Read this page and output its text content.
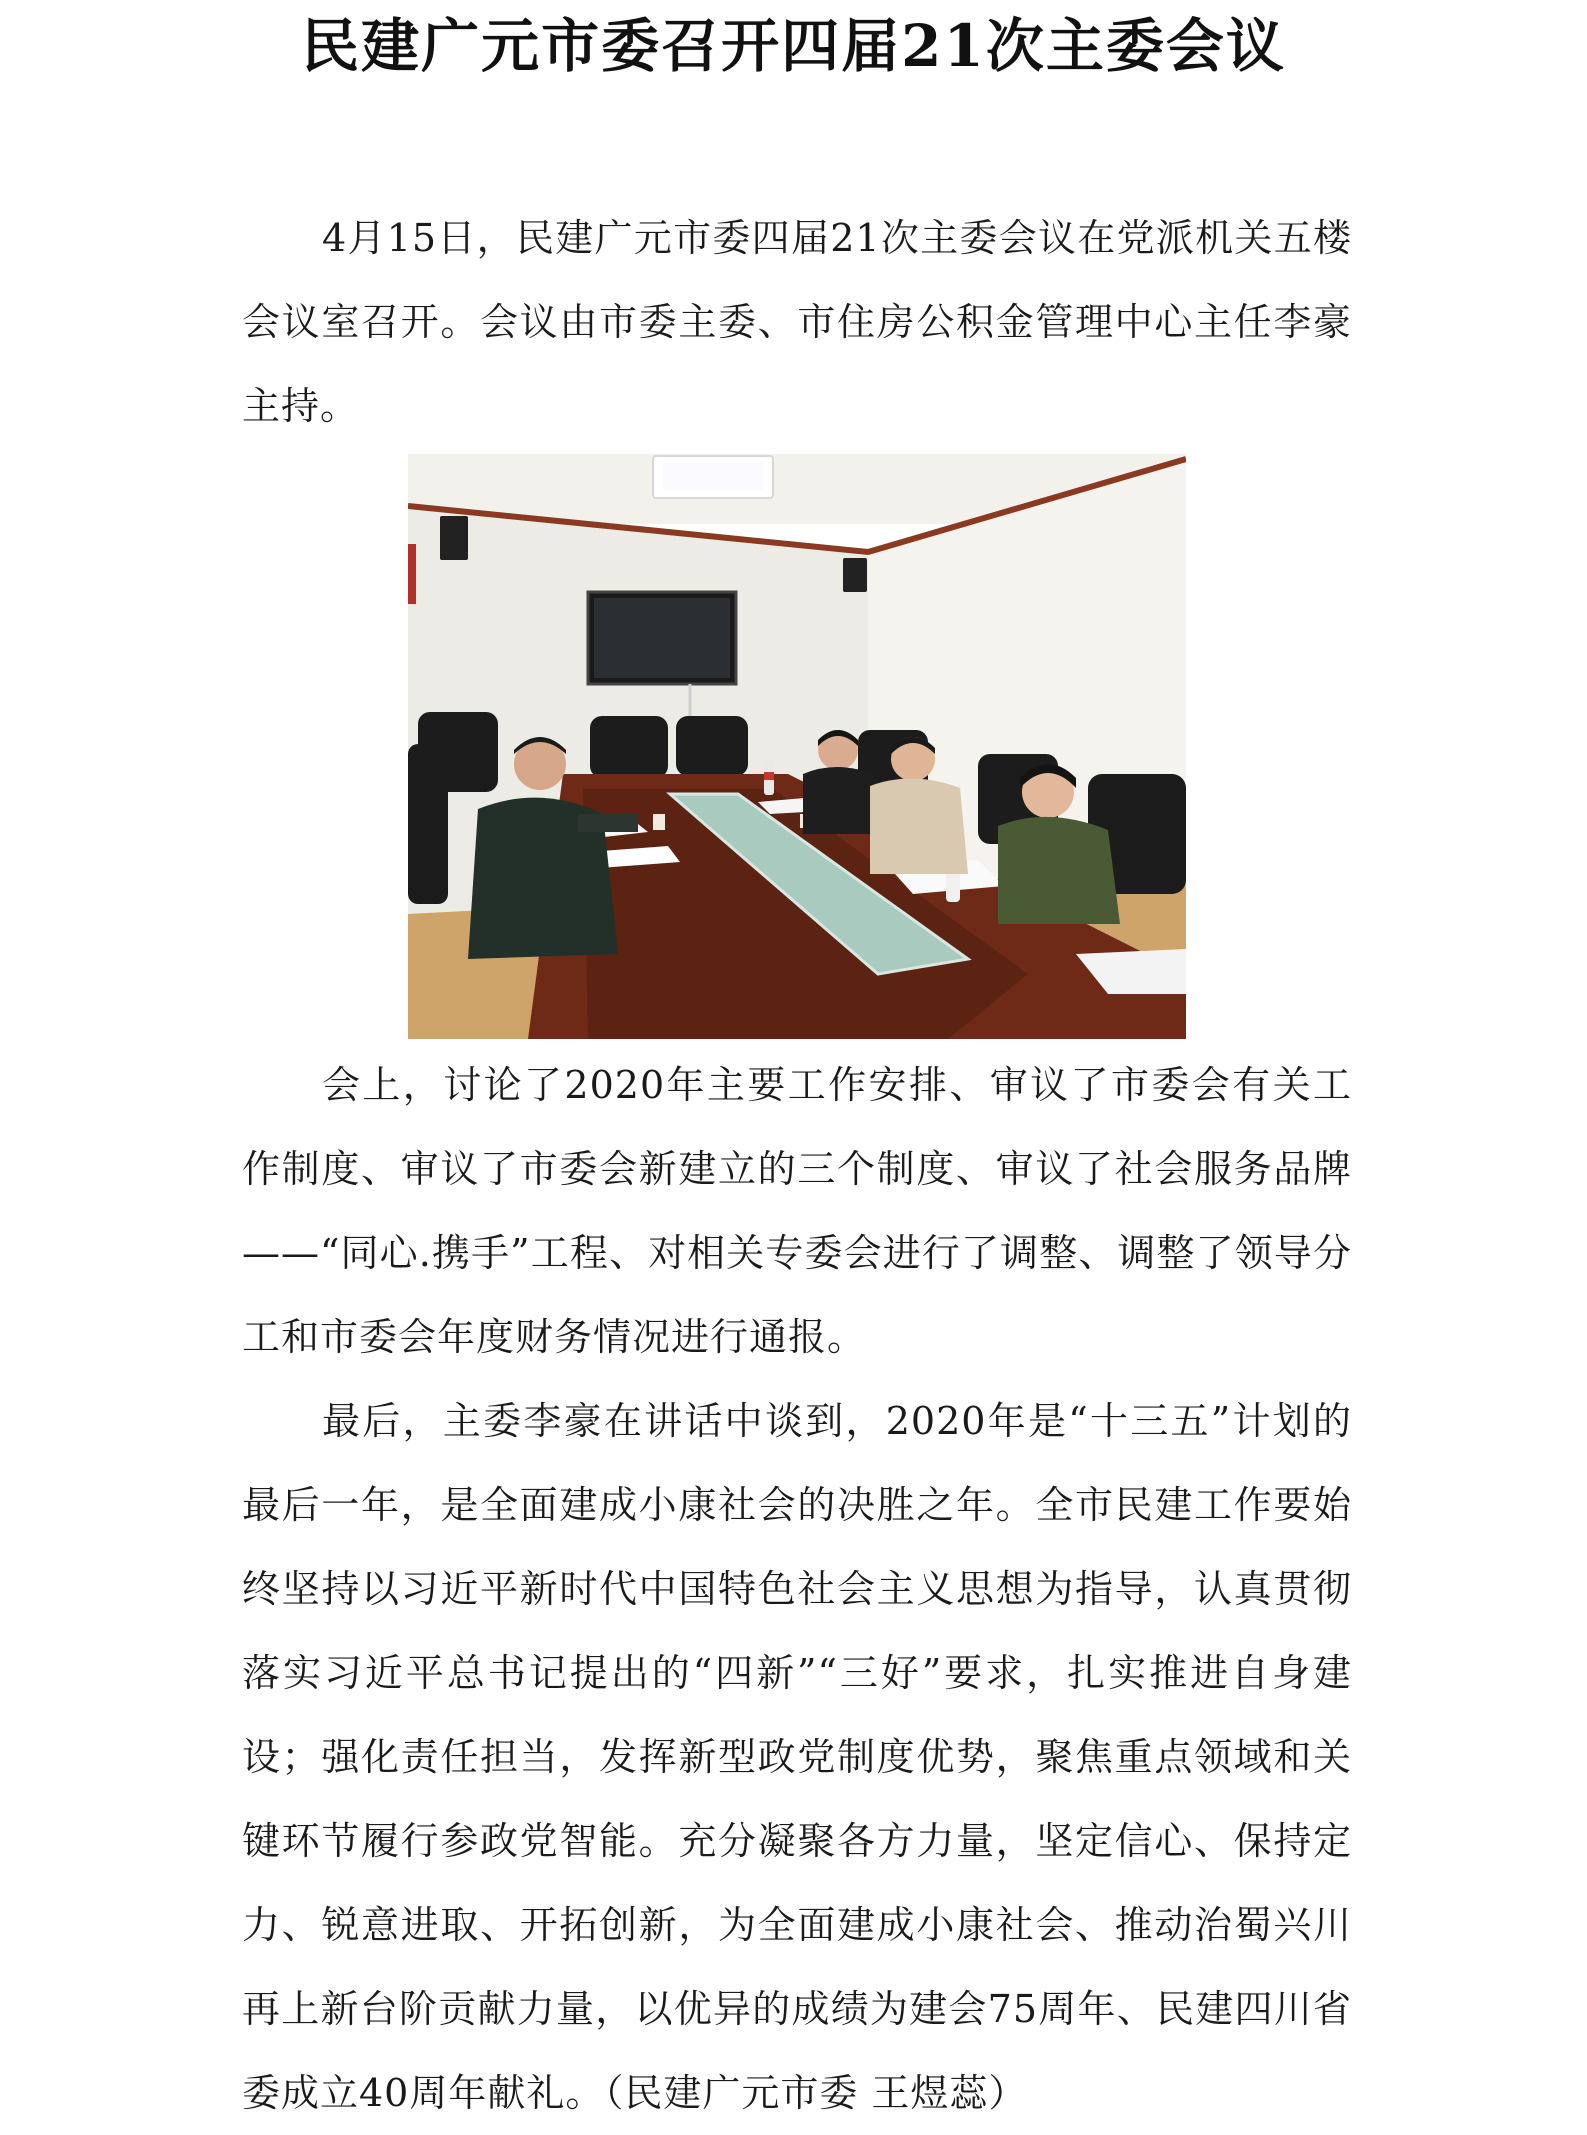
民建广元市委召开四届21次主委会议

4月15日，民建广元市委四届21次主委会议在党派机关五楼会议室召开。会议由市委主委、市住房公积金管理中心主任李豪主持。

会上，讨论了2020年主要工作安排、审议了市委会有关工作制度、审议了市委会新建立的三个制度、审议了社会服务品牌——“同心.携手”工程、对相关专委会进行了调整、调整了领导分工和市委会年度财务情况进行通报。

最后，主委李豪在讲话中谈到，2020年是“十三五”计划的最后一年，是全面建成小康社会的决胜之年。全市民建工作要始终坚持以习近平新时代中国特色社会主义思想为指导，认真贯彻落实习近平总书记提出的“四新”“三好”要求，扎实推进自身建设；强化责任担当，发挥新型政党制度优势，聚焦重点领域和关键环节履行参政党智能。充分凝聚各方力量，坚定信心、保持定力、锐意进取、开拓创新，为全面建成小康社会、推动治蜀兴川再上新台阶贡献力量，以优异的成绩为建会75周年、民建四川省委成立40周年献礼。（民建广元市委 王煜蕊）
